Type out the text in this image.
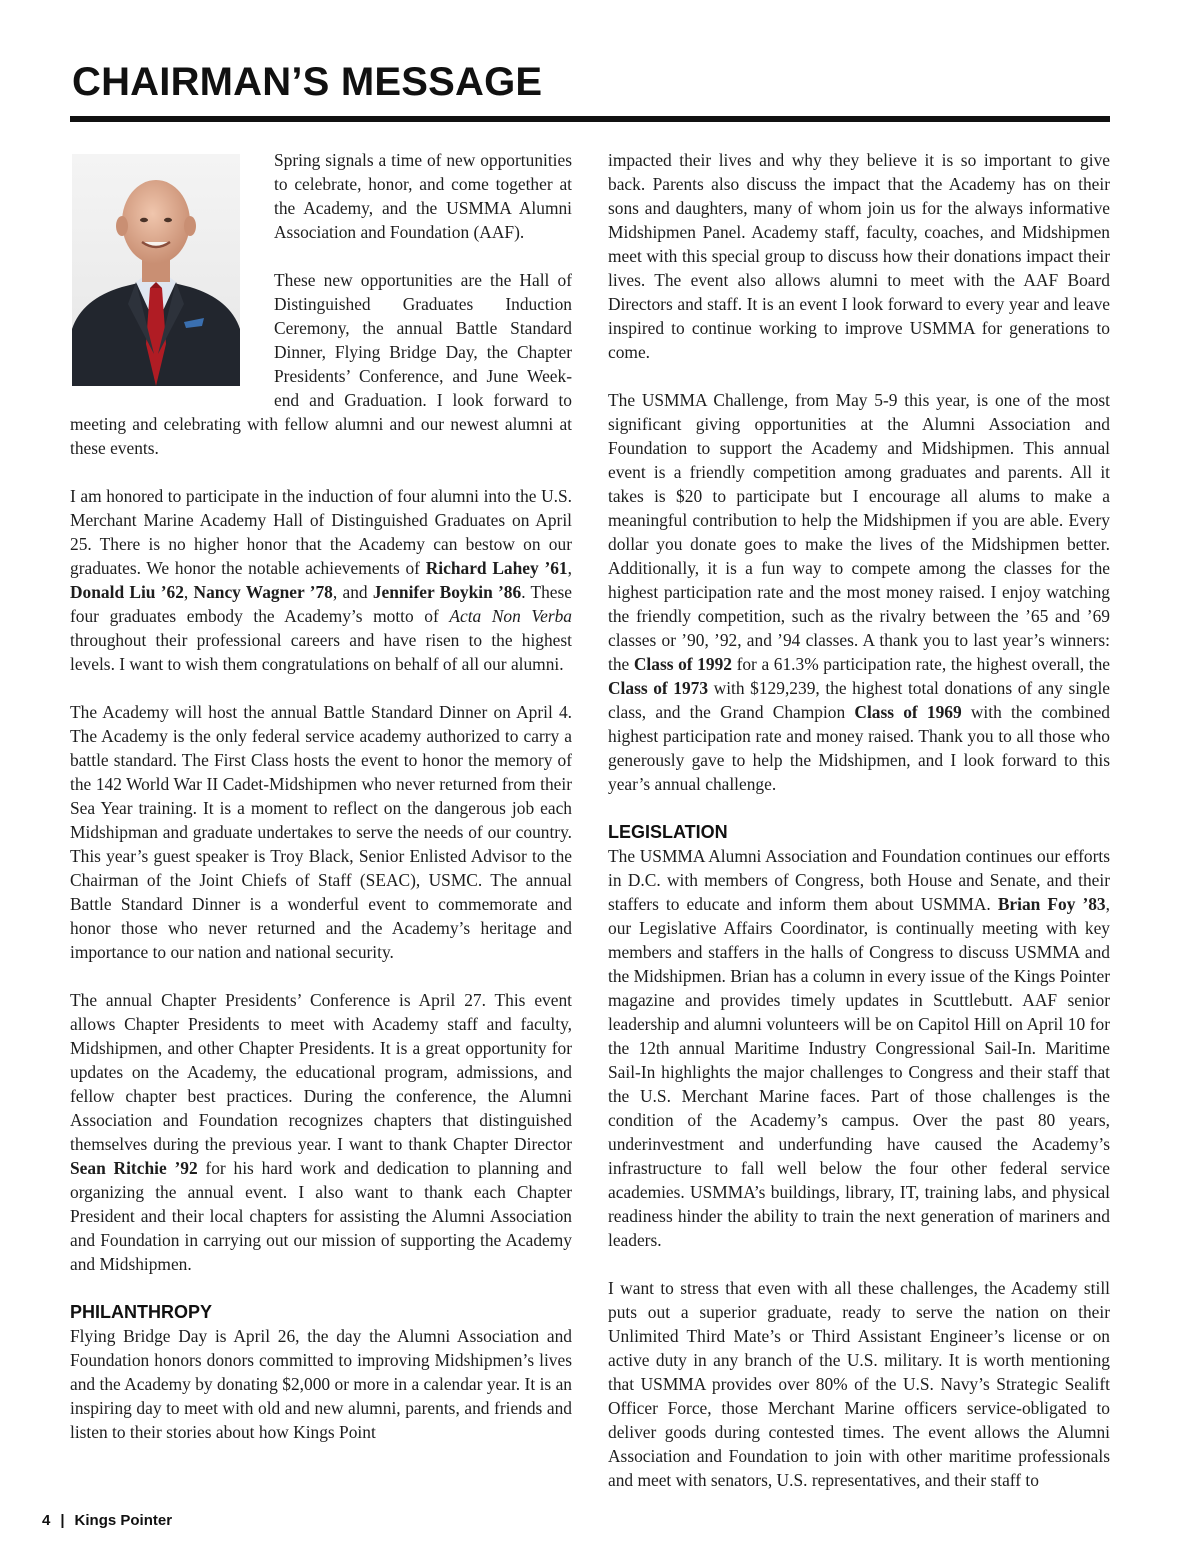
CHAIRMAN’S MESSAGE

Spring signals a time of new opportunities to celebrate, honor, and come together at the Academy, and the USMMA Alumni Association and Foundation (AAF).

These new opportunities are the Hall of Distinguished Graduates Induction Ceremony, the annual Battle Standard Dinner, Flying Bridge Day, the Chapter Presidents’ Conference, and June Week-end and Graduation. I look forward to meeting and celebrating with fellow alumni and our newest alumni at these events.

I am honored to participate in the induction of four alumni into the U.S. Merchant Marine Academy Hall of Distinguished Graduates on April 25. There is no higher honor that the Academy can bestow on our graduates. We honor the notable achievements of Richard Lahey ’61, Donald Liu ’62, Nancy Wagner ’78, and Jennifer Boykin ’86. These four graduates embody the Academy’s motto of Acta Non Verba throughout their professional careers and have risen to the highest levels. I want to wish them congratulations on behalf of all our alumni.

The Academy will host the annual Battle Standard Dinner on April 4. The Academy is the only federal service academy authorized to carry a battle standard. The First Class hosts the event to honor the memory of the 142 World War II Cadet-Midshipmen who never returned from their Sea Year training. It is a moment to reflect on the dangerous job each Midshipman and graduate undertakes to serve the needs of our country. This year’s guest speaker is Troy Black, Senior Enlisted Advisor to the Chairman of the Joint Chiefs of Staff (SEAC), USMC. The annual Battle Standard Dinner is a wonderful event to commemorate and honor those who never returned and the Academy’s heritage and importance to our nation and national security.

The annual Chapter Presidents’ Conference is April 27. This event allows Chapter Presidents to meet with Academy staff and faculty, Midshipmen, and other Chapter Presidents. It is a great opportunity for updates on the Academy, the educational program, admissions, and fellow chapter best practices. During the conference, the Alumni Association and Foundation recognizes chapters that distinguished themselves during the previous year. I want to thank Chapter Director Sean Ritchie ’92 for his hard work and dedication to planning and organizing the annual event. I also want to thank each Chapter President and their local chapters for assisting the Alumni Association and Foundation in carrying out our mission of supporting the Academy and Midshipmen.

PHILANTHROPY

Flying Bridge Day is April 26, the day the Alumni Association and Foundation honors donors committed to improving Midshipmen’s lives and the Academy by donating $2,000 or more in a calendar year. It is an inspiring day to meet with old and new alumni, parents, and friends and listen to their stories about how Kings Point

impacted their lives and why they believe it is so important to give back. Parents also discuss the impact that the Academy has on their sons and daughters, many of whom join us for the always informative Midshipmen Panel. Academy staff, faculty, coaches, and Midshipmen meet with this special group to discuss how their donations impact their lives. The event also allows alumni to meet with the AAF Board Directors and staff. It is an event I look forward to every year and leave inspired to continue working to improve USMMA for generations to come.

The USMMA Challenge, from May 5-9 this year, is one of the most significant giving opportunities at the Alumni Association and Foundation to support the Academy and Midshipmen. This annual event is a friendly competition among graduates and parents. All it takes is $20 to participate but I encourage all alums to make a meaningful contribution to help the Midshipmen if you are able. Every dollar you donate goes to make the lives of the Midshipmen better. Additionally, it is a fun way to compete among the classes for the highest participation rate and the most money raised. I enjoy watching the friendly competition, such as the rivalry between the ’65 and ’69 classes or ’90, ’92, and ’94 classes. A thank you to last year’s winners: the Class of 1992 for a 61.3% participation rate, the highest overall, the Class of 1973 with $129,239, the highest total donations of any single class, and the Grand Champion Class of 1969 with the combined highest participation rate and money raised. Thank you to all those who generously gave to help the Midshipmen, and I look forward to this year’s annual challenge.

LEGISLATION

The USMMA Alumni Association and Foundation continues our efforts in D.C. with members of Congress, both House and Senate, and their staffers to educate and inform them about USMMA. Brian Foy ’83, our Legislative Affairs Coordinator, is continually meeting with key members and staffers in the halls of Congress to discuss USMMA and the Midshipmen. Brian has a column in every issue of the Kings Pointer magazine and provides timely updates in Scuttlebutt. AAF senior leadership and alumni volunteers will be on Capitol Hill on April 10 for the 12th annual Maritime Industry Congressional Sail-In. Maritime Sail-In highlights the major challenges to Congress and their staff that the U.S. Merchant Marine faces. Part of those challenges is the condition of the Academy’s campus. Over the past 80 years, underinvestment and underfunding have caused the Academy’s infrastructure to fall well below the four other federal service academies. USMMA’s buildings, library, IT, training labs, and physical readiness hinder the ability to train the next generation of mariners and leaders.

I want to stress that even with all these challenges, the Academy still puts out a superior graduate, ready to serve the nation on their Unlimited Third Mate’s or Third Assistant Engineer’s license or on active duty in any branch of the U.S. military. It is worth mentioning that USMMA provides over 80% of the U.S. Navy’s Strategic Sealift Officer Force, those Merchant Marine officers service-obligated to deliver goods during contested times. The event allows the Alumni Association and Foundation to join with other maritime professionals and meet with senators, U.S. representatives, and their staff to

4 | Kings Pointer
